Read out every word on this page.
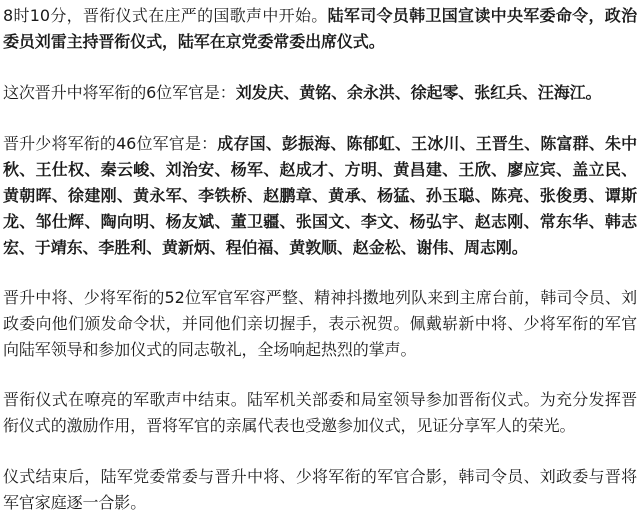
8时10分，晋衔仪式在庄严的国歌声中开始。陆军司令员韩卫国宣读中央军委命令，政治委员刘雷主持晋衔仪式，陆军在京党委常委出席仪式。

这次晋升中将军衔的6位军官是：刘发庆、黄铭、余永洪、徐起零、张红兵、汪海江。

晋升少将军衔的46位军官是：成存国、彭振海、陈郁虹、王冰川、王晋生、陈富群、朱中秋、王仕权、秦云峻、刘治安、杨军、赵成才、方明、黄昌建、王欣、廖应宾、盖立民、黄朝晖、徐建刚、黄永军、李铁桥、赵鹏章、黄承、杨猛、孙玉聪、陈亮、张俊勇、谭斯龙、邹仕辉、陶向明、杨友斌、董卫疆、张国文、李文、杨弘宇、赵志刚、常东华、韩志宏、于靖东、李胜利、黄新炳、程伯福、黄敦顺、赵金松、谢伟、周志刚。

晋升中将、少将军衔的52位军官军容严整、精神抖擞地列队来到主席台前，韩司令员、刘政委向他们颁发命令状，并同他们亲切握手，表示祝贺。佩戴崭新中将、少将军衔的军官向陆军领导和参加仪式的同志敬礼，全场响起热烈的掌声。

晋衔仪式在嘹亮的军歌声中结束。陆军机关部委和局室领导参加晋衔仪式。为充分发挥晋衔仪式的激励作用，晋将军官的亲属代表也受邀参加仪式，见证分享军人的荣光。

仪式结束后，陆军党委常委与晋升中将、少将军衔的军官合影，韩司令员、刘政委与晋将军官家庭逐一合影。
